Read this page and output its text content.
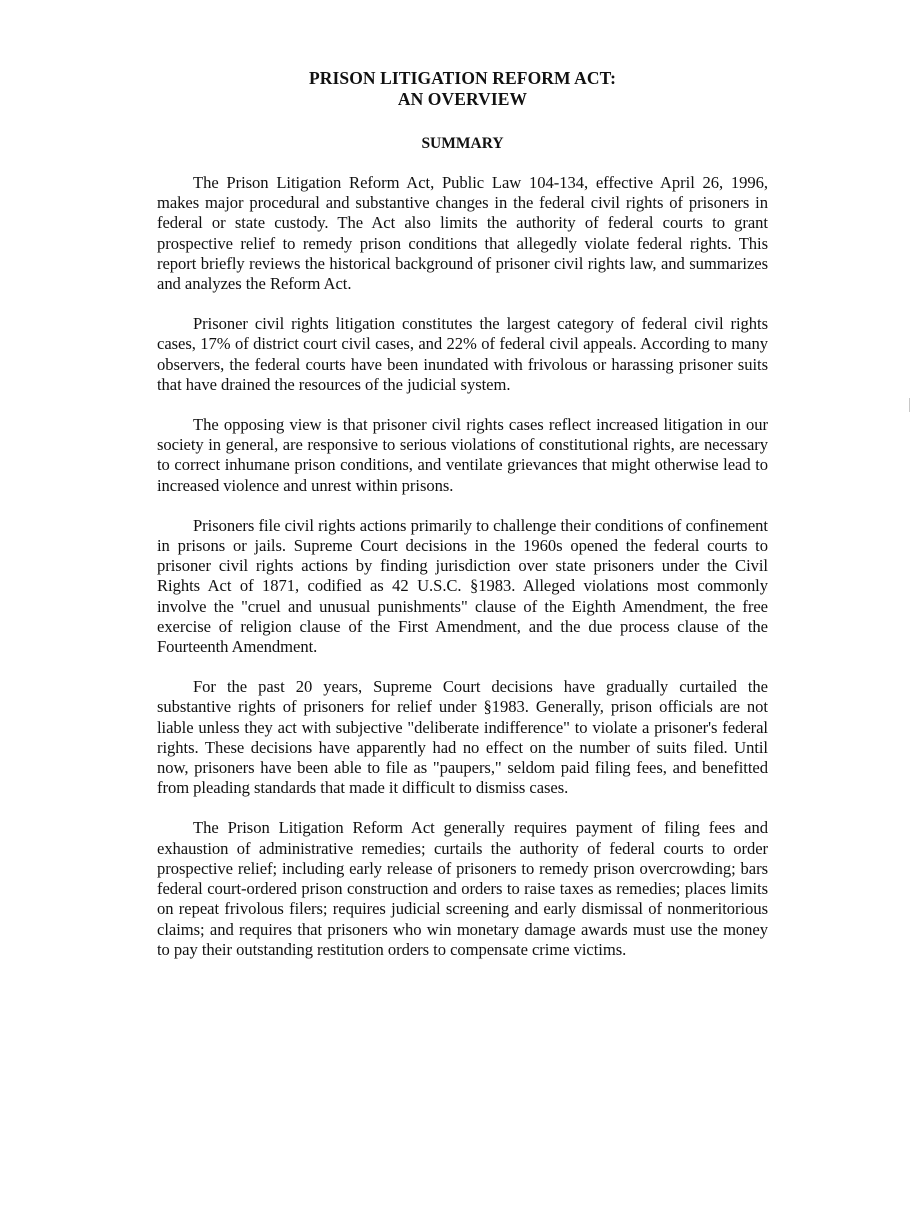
PRISON LITIGATION REFORM ACT:
AN OVERVIEW
SUMMARY

The Prison Litigation Reform Act, Public Law 104-134, effective April 26, 1996, makes major procedural and substantive changes in the federal civil rights of prisoners in federal or state custody. The Act also limits the authority of federal courts to grant prospective relief to remedy prison conditions that allegedly violate federal rights. This report briefly reviews the historical background of prisoner civil rights law, and summarizes and analyzes the Reform Act.

Prisoner civil rights litigation constitutes the largest category of federal civil rights cases, 17% of district court civil cases, and 22% of federal civil appeals. According to many observers, the federal courts have been inundated with frivolous or harassing prisoner suits that have drained the resources of the judicial system.

The opposing view is that prisoner civil rights cases reflect increased litigation in our society in general, are responsive to serious violations of constitutional rights, are necessary to correct inhumane prison conditions, and ventilate grievances that might otherwise lead to increased violence and unrest within prisons.

Prisoners file civil rights actions primarily to challenge their conditions of confinement in prisons or jails. Supreme Court decisions in the 1960s opened the federal courts to prisoner civil rights actions by finding jurisdiction over state prisoners under the Civil Rights Act of 1871, codified as 42 U.S.C. §1983. Alleged violations most commonly involve the "cruel and unusual punishments" clause of the Eighth Amendment, the free exercise of religion clause of the First Amendment, and the due process clause of the Fourteenth Amendment.

For the past 20 years, Supreme Court decisions have gradually curtailed the substantive rights of prisoners for relief under §1983. Generally, prison officials are not liable unless they act with subjective "deliberate indifference" to violate a prisoner's federal rights. These decisions have apparently had no effect on the number of suits filed. Until now, prisoners have been able to file as "paupers," seldom paid filing fees, and benefitted from pleading standards that made it difficult to dismiss cases.

The Prison Litigation Reform Act generally requires payment of filing fees and exhaustion of administrative remedies; curtails the authority of federal courts to order prospective relief; including early release of prisoners to remedy prison overcrowding; bars federal court-ordered prison construction and orders to raise taxes as remedies; places limits on repeat frivolous filers; requires judicial screening and early dismissal of nonmeritorious claims; and requires that prisoners who win monetary damage awards must use the money to pay their outstanding restitution orders to compensate crime victims.
